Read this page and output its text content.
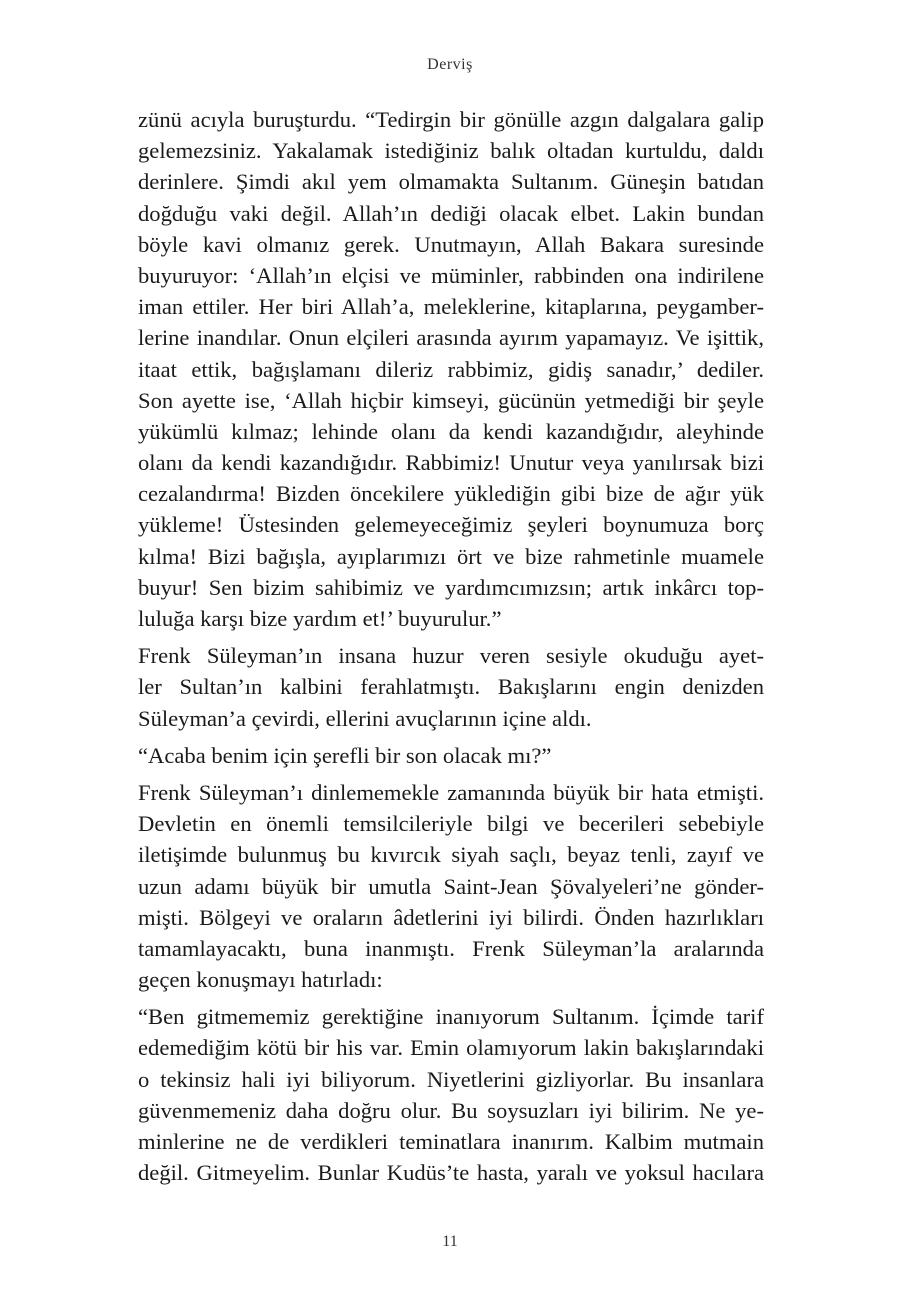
Derviş
zünü acıyla buruşturdu. “Tedirgin bir gönülle azgın dalgalara galip
gelemezsiniz. Yakalamak istediğiniz balık oltadan kurtuldu, daldı
derinlere. Şimdi akıl yem olmamakta Sultanım. Güneşin batıdan
doğduğu vaki değil. Allah’ın dediği olacak elbet. Lakin bundan
böyle kavi olmanız gerek. Unutmayın, Allah Bakara suresinde
buyuruyor: ‘Allah’ın elçisi ve müminler, rabbinden ona indirilene
iman ettiler. Her biri Allah’a, meleklerine, kitaplarına, peygamber-
lerine inandılar. Onun elçileri arasında ayırım yapamayız. Ve işittik,
itaat ettik, bağışlamanı dileriz rabbimiz, gidiş sanadır,’ dediler.
Son ayette ise, ‘Allah hiçbir kimseyi, gücünün yetmediği bir şeyle
yükümlü kılmaz; lehinde olanı da kendi kazandığıdır, aleyhinde
olanı da kendi kazandığıdır. Rabbimiz! Unutur veya yanılırsak bizi
cezalandırma! Bizden öncekilere yüklediğin gibi bize de ağır yük
yükleme! Üstesinden gelemeyeceğimiz şeyleri boynumuza borç
kılma! Bizi bağışla, ayıplarımızı ört ve bize rahmetinle muamele
buyur! Sen bizim sahibimiz ve yardımcımızsın; artık inkârcı top-
luluğa karşı bize yardım et!’ buyurulur.”
Frenk Süleyman’ın insana huzur veren sesiyle okuduğu ayet-
ler Sultan’ın kalbini ferahlatmıştı. Bakışlarını engin denizden
Süleyman’a çevirdi, ellerini avuçlarının içine aldı.
“Acaba benim için şerefli bir son olacak mı?”
Frenk Süleyman’ı dinlememekle zamanında büyük bir hata etmişti.
Devletin en önemli temsilcileriyle bilgi ve becerileri sebebiyle
iletişimde bulunmuş bu kıvırcık siyah saçlı, beyaz tenli, zayıf ve
uzun adamı büyük bir umutla Saint-Jean Şövalyeleri’ne gönder-
mişti. Bölgeyi ve oraların âdetlerini iyi bilirdi. Önden hazırlıkları
tamamlayacaktı, buna inanmıştı. Frenk Süleyman’la aralarında
geçen konuşmayı hatırladı:
“Ben gitmememiz gerektiğine inanıyorum Sultanım. İçimde tarif
edemediğim kötü bir his var. Emin olamıyorum lakin bakışlarındaki
o tekinsiz hali iyi biliyorum. Niyetlerini gizliyorlar. Bu insanlara
güvenmemeniz daha doğru olur. Bu soysuzları iyi bilirim. Ne ye-
minlerine ne de verdikleri teminatlara inanırım. Kalbim mutmain
değil. Gitmeyelim. Bunlar Kudüs’te hasta, yaralı ve yoksul hacılara
11
